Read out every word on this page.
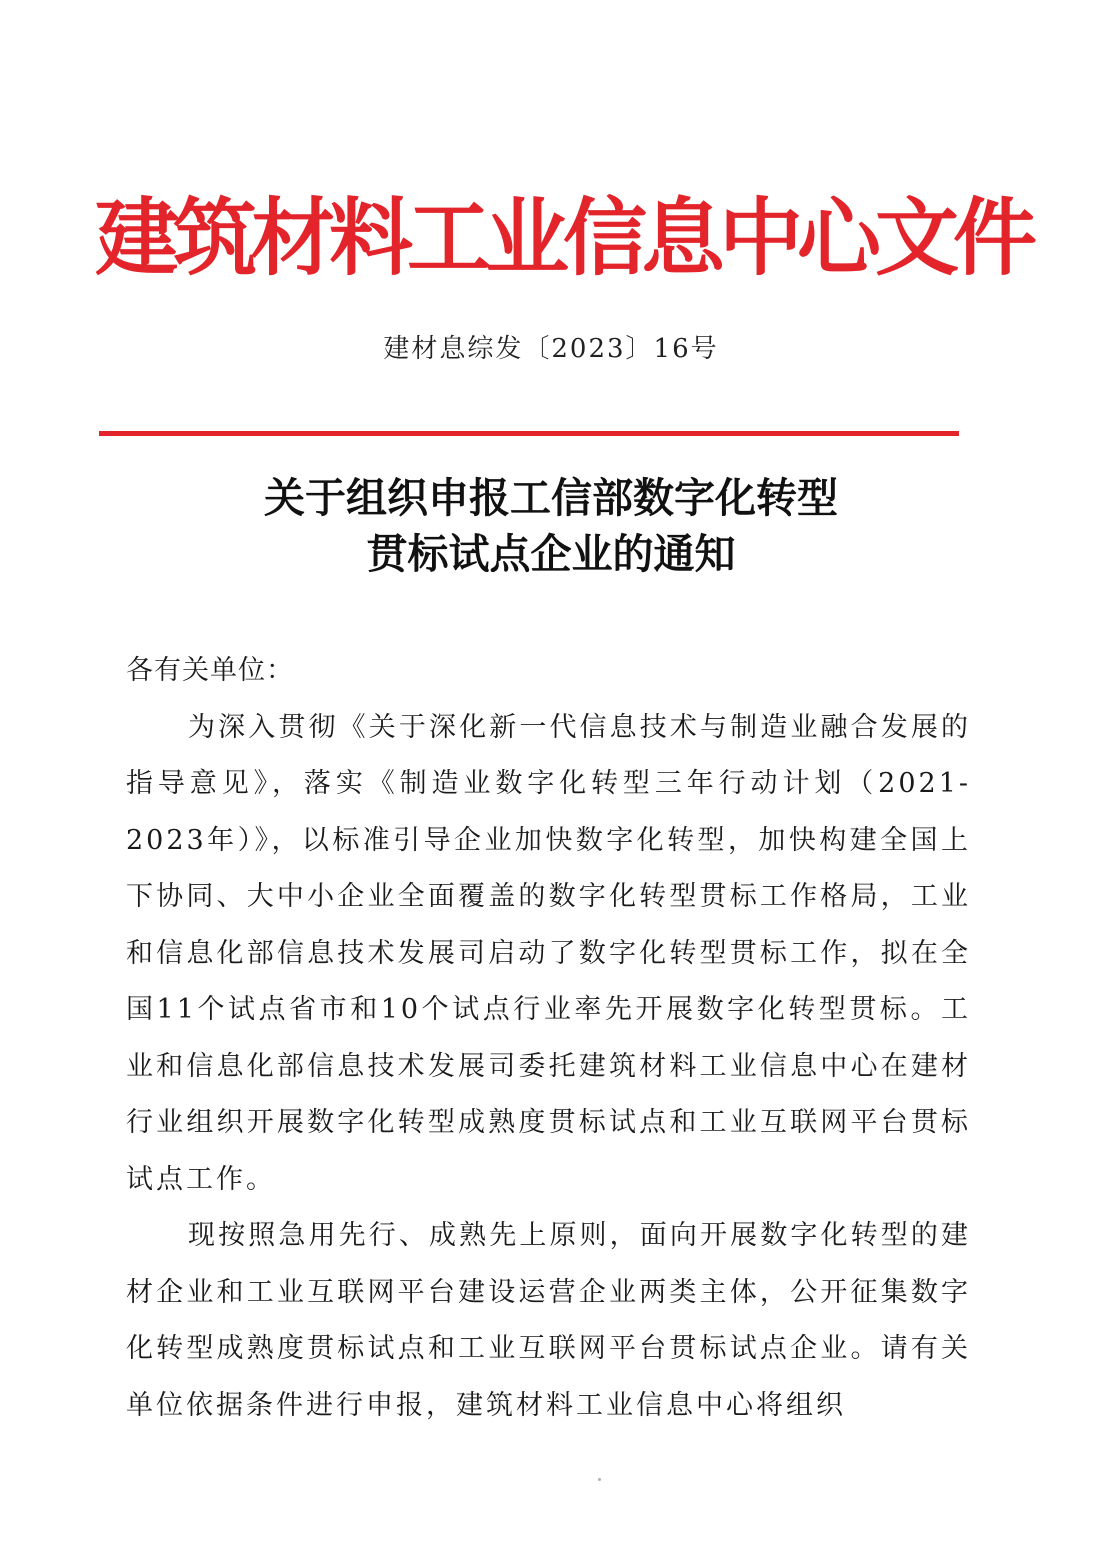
建筑材料工业信息中心文件

建材息综发〔2023〕16号

关于组织申报工信部数字化转型
贯标试点企业的通知

各有关单位：

为深入贯彻《关于深化新一代信息技术与制造业融合发展的指导意见》，落实《制造业数字化转型三年行动计划（2021-2023年）》，以标准引导企业加快数字化转型，加快构建全国上下协同、大中小企业全面覆盖的数字化转型贯标工作格局，工业和信息化部信息技术发展司启动了数字化转型贯标工作，拟在全国11个试点省市和10个试点行业率先开展数字化转型贯标。工业和信息化部信息技术发展司委托建筑材料工业信息中心在建材行业组织开展数字化转型成熟度贯标试点和工业互联网平台贯标试点工作。

现按照急用先行、成熟先上原则，面向开展数字化转型的建材企业和工业互联网平台建设运营企业两类主体，公开征集数字化转型成熟度贯标试点和工业互联网平台贯标试点企业。请有关单位依据条件进行申报，建筑材料工业信息中心将组织
